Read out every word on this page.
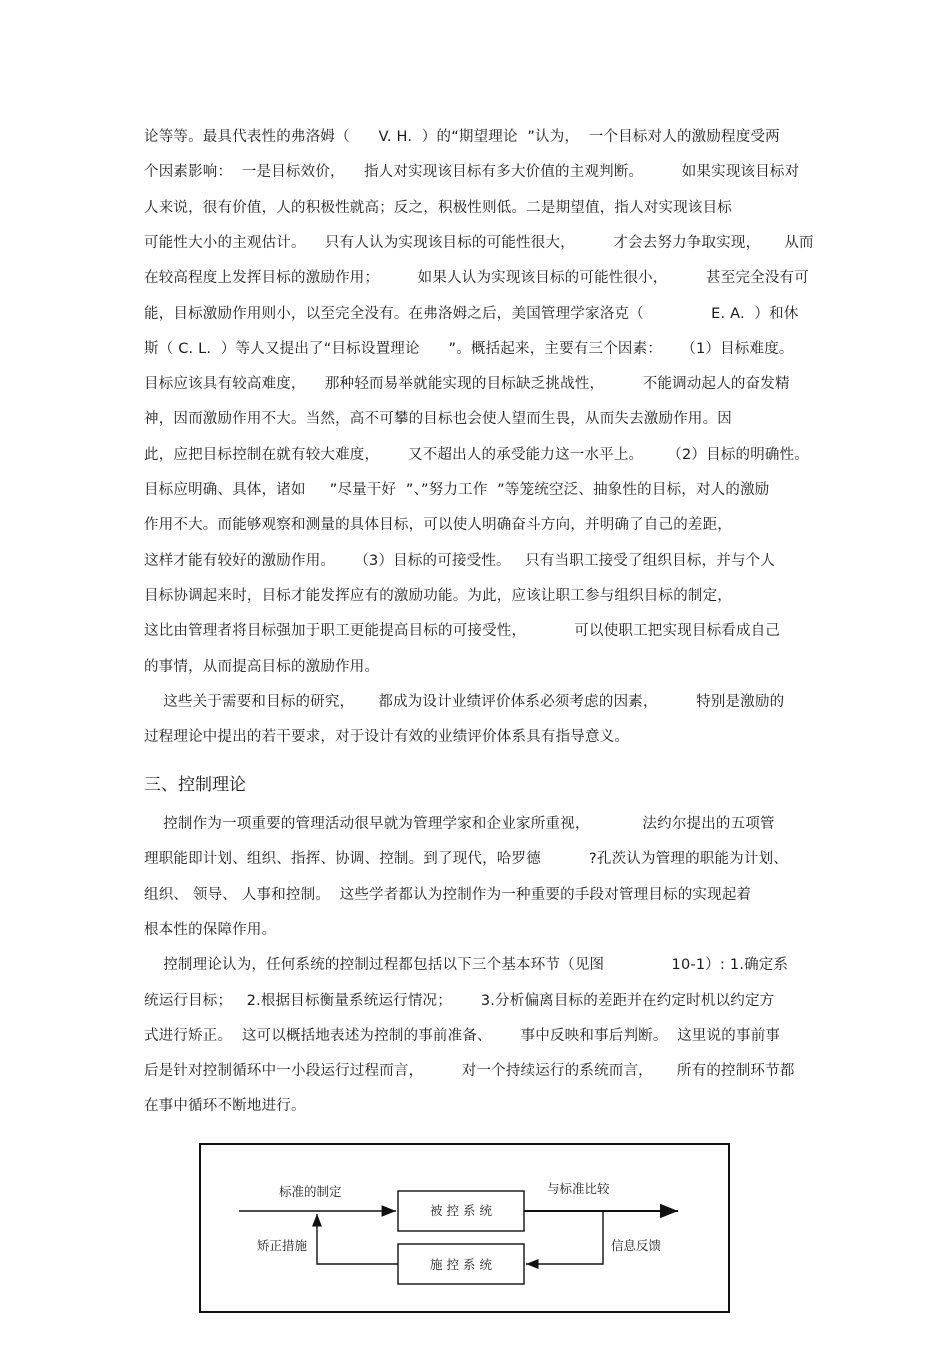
论等等。最具代表性的弗洛姆（      V. H.  ）的“期望理论  ”认为，  一个目标对人的激励程度受两
个因素影响：  一是目标效价，    指人对实现该目标有多大价值的主观判断。        如果实现该目标对
人来说，很有价值，人的积极性就高；反之，积极性则低。二是期望值，指人对实现该目标
可能性大小的主观估计。    只有人认为实现该目标的可能性很大，        才会去努力争取实现，     从而
在较高程度上发挥目标的激励作用；        如果人认为实现该目标的可能性很小，        甚至完全没有可
能，目标激励作用则小，以至完全没有。在弗洛姆之后，美国管理学家洛克（              E. A.  ）和休
斯（ C. L.  ）等人又提出了“目标设置理论      ”。概括起来，主要有三个因素：    （1）目标难度。
目标应该具有较高难度，    那种轻而易举就能实现的目标缺乏挑战性，        不能调动起人的奋发精
神，因而激励作用不大。当然，高不可攀的目标也会使人望而生畏，从而失去激励作用。因
此，应把目标控制在就有较大难度，      又不超出人的承受能力这一水平上。     （2）目标的明确性。
目标应明确、具体，诸如     ”尽量干好  ”、”努力工作  ”等笼统空泛、抽象性的目标，对人的激励
作用不大。而能够观察和测量的具体目标，可以使人明确奋斗方向，并明确了自己的差距，
这样才能有较好的激励作用。    （3）目标的可接受性。   只有当职工接受了组织目标，并与个人
目标协调起来时，目标才能发挥应有的激励功能。为此，应该让职工参与组织目标的制定，
这比由管理者将目标强加于职工更能提高目标的可接受性，          可以使职工把实现目标看成自己
的事情，从而提高目标的激励作用。
这些关于需要和目标的研究，     都成为设计业绩评价体系必须考虑的因素，        特别是激励的
过程理论中提出的若干要求，对于设计有效的业绩评价体系具有指导意义。
三、控制理论
控制作为一项重要的管理活动很早就为管理学家和企业家所重视，           法约尔提出的五项管
理职能即计划、组织、指挥、协调、控制。到了现代，哈罗德          ?孔茨认为管理的职能为计划、
组织、 领导、 人事和控制。  这些学者都认为控制作为一种重要的手段对管理目标的实现起着
根本性的保障作用。
控制理论认为，任何系统的控制过程都包括以下三个基本环节（见图              10-1）: 1.确定系
统运行目标；   2.根据目标衡量系统运行情况；      3.分析偏离目标的差距并在约定时机以约定方
式进行矫正。  这可以概括地表述为控制的事前准备、      事中反映和事后判断。  这里说的事前事
后是针对控制循环中一小段运行过程而言，        对一个持续运行的系统而言，     所有的控制环节都
在事中循环不断地进行。
被 控 系 统
施 控 系 统
标准的制定	与标准比较
信息反馈
矫正措施
